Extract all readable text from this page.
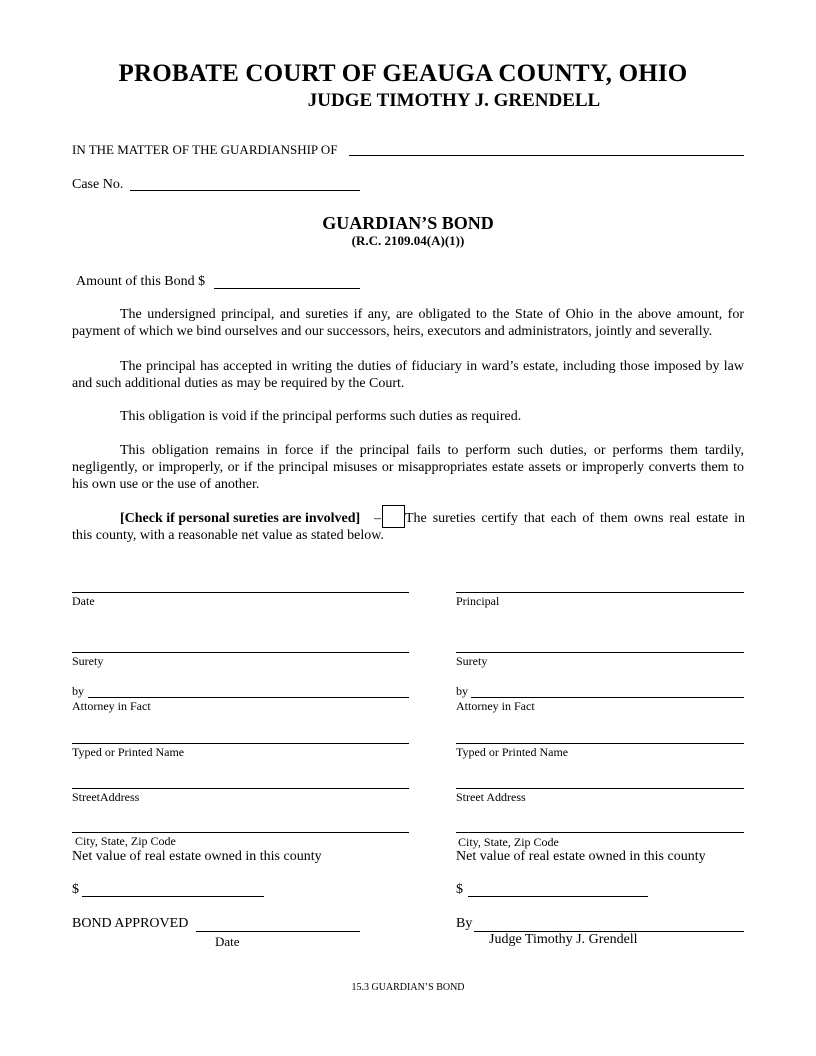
PROBATE COURT OF GEAUGA COUNTY, OHIO
JUDGE TIMOTHY J. GRENDELL
IN THE MATTER OF THE GUARDIANSHIP OF
Case No.
GUARDIAN’S BOND
(R.C. 2109.04(A)(1))
Amount of this Bond $
The undersigned principal, and sureties if any, are obligated to the State of Ohio in the above amount, for payment of which we bind ourselves and our successors, heirs, executors and administrators, jointly and severally.
The principal has accepted in writing the duties of fiduciary in ward’s estate, including those imposed by law and such additional duties as may be required by the Court.
This obligation is void if the principal performs such duties as required.
This obligation remains in force if the principal fails to perform such duties, or performs them tardily, negligently, or improperly, or if the principal misuses or misappropriates estate assets or improperly converts them to his own use or the use of another.
[Check if personal sureties are involved] – The sureties certify that each of them owns real estate in
this county, with a reasonable net value as stated below.
Date
Surety
by
Attorney in Fact
Typed or Printed Name
StreetAddress
City, State, Zip Code
Net value of real estate owned in this county
$
BOND APPROVED
Date
Principal
Surety
by
Attorney in Fact
Typed or Printed Name
Street Address
City, State, Zip Code
Net value of real estate owned in this county
$
By
Judge Timothy J. Grendell
15.3 GUARDIAN’S BOND
